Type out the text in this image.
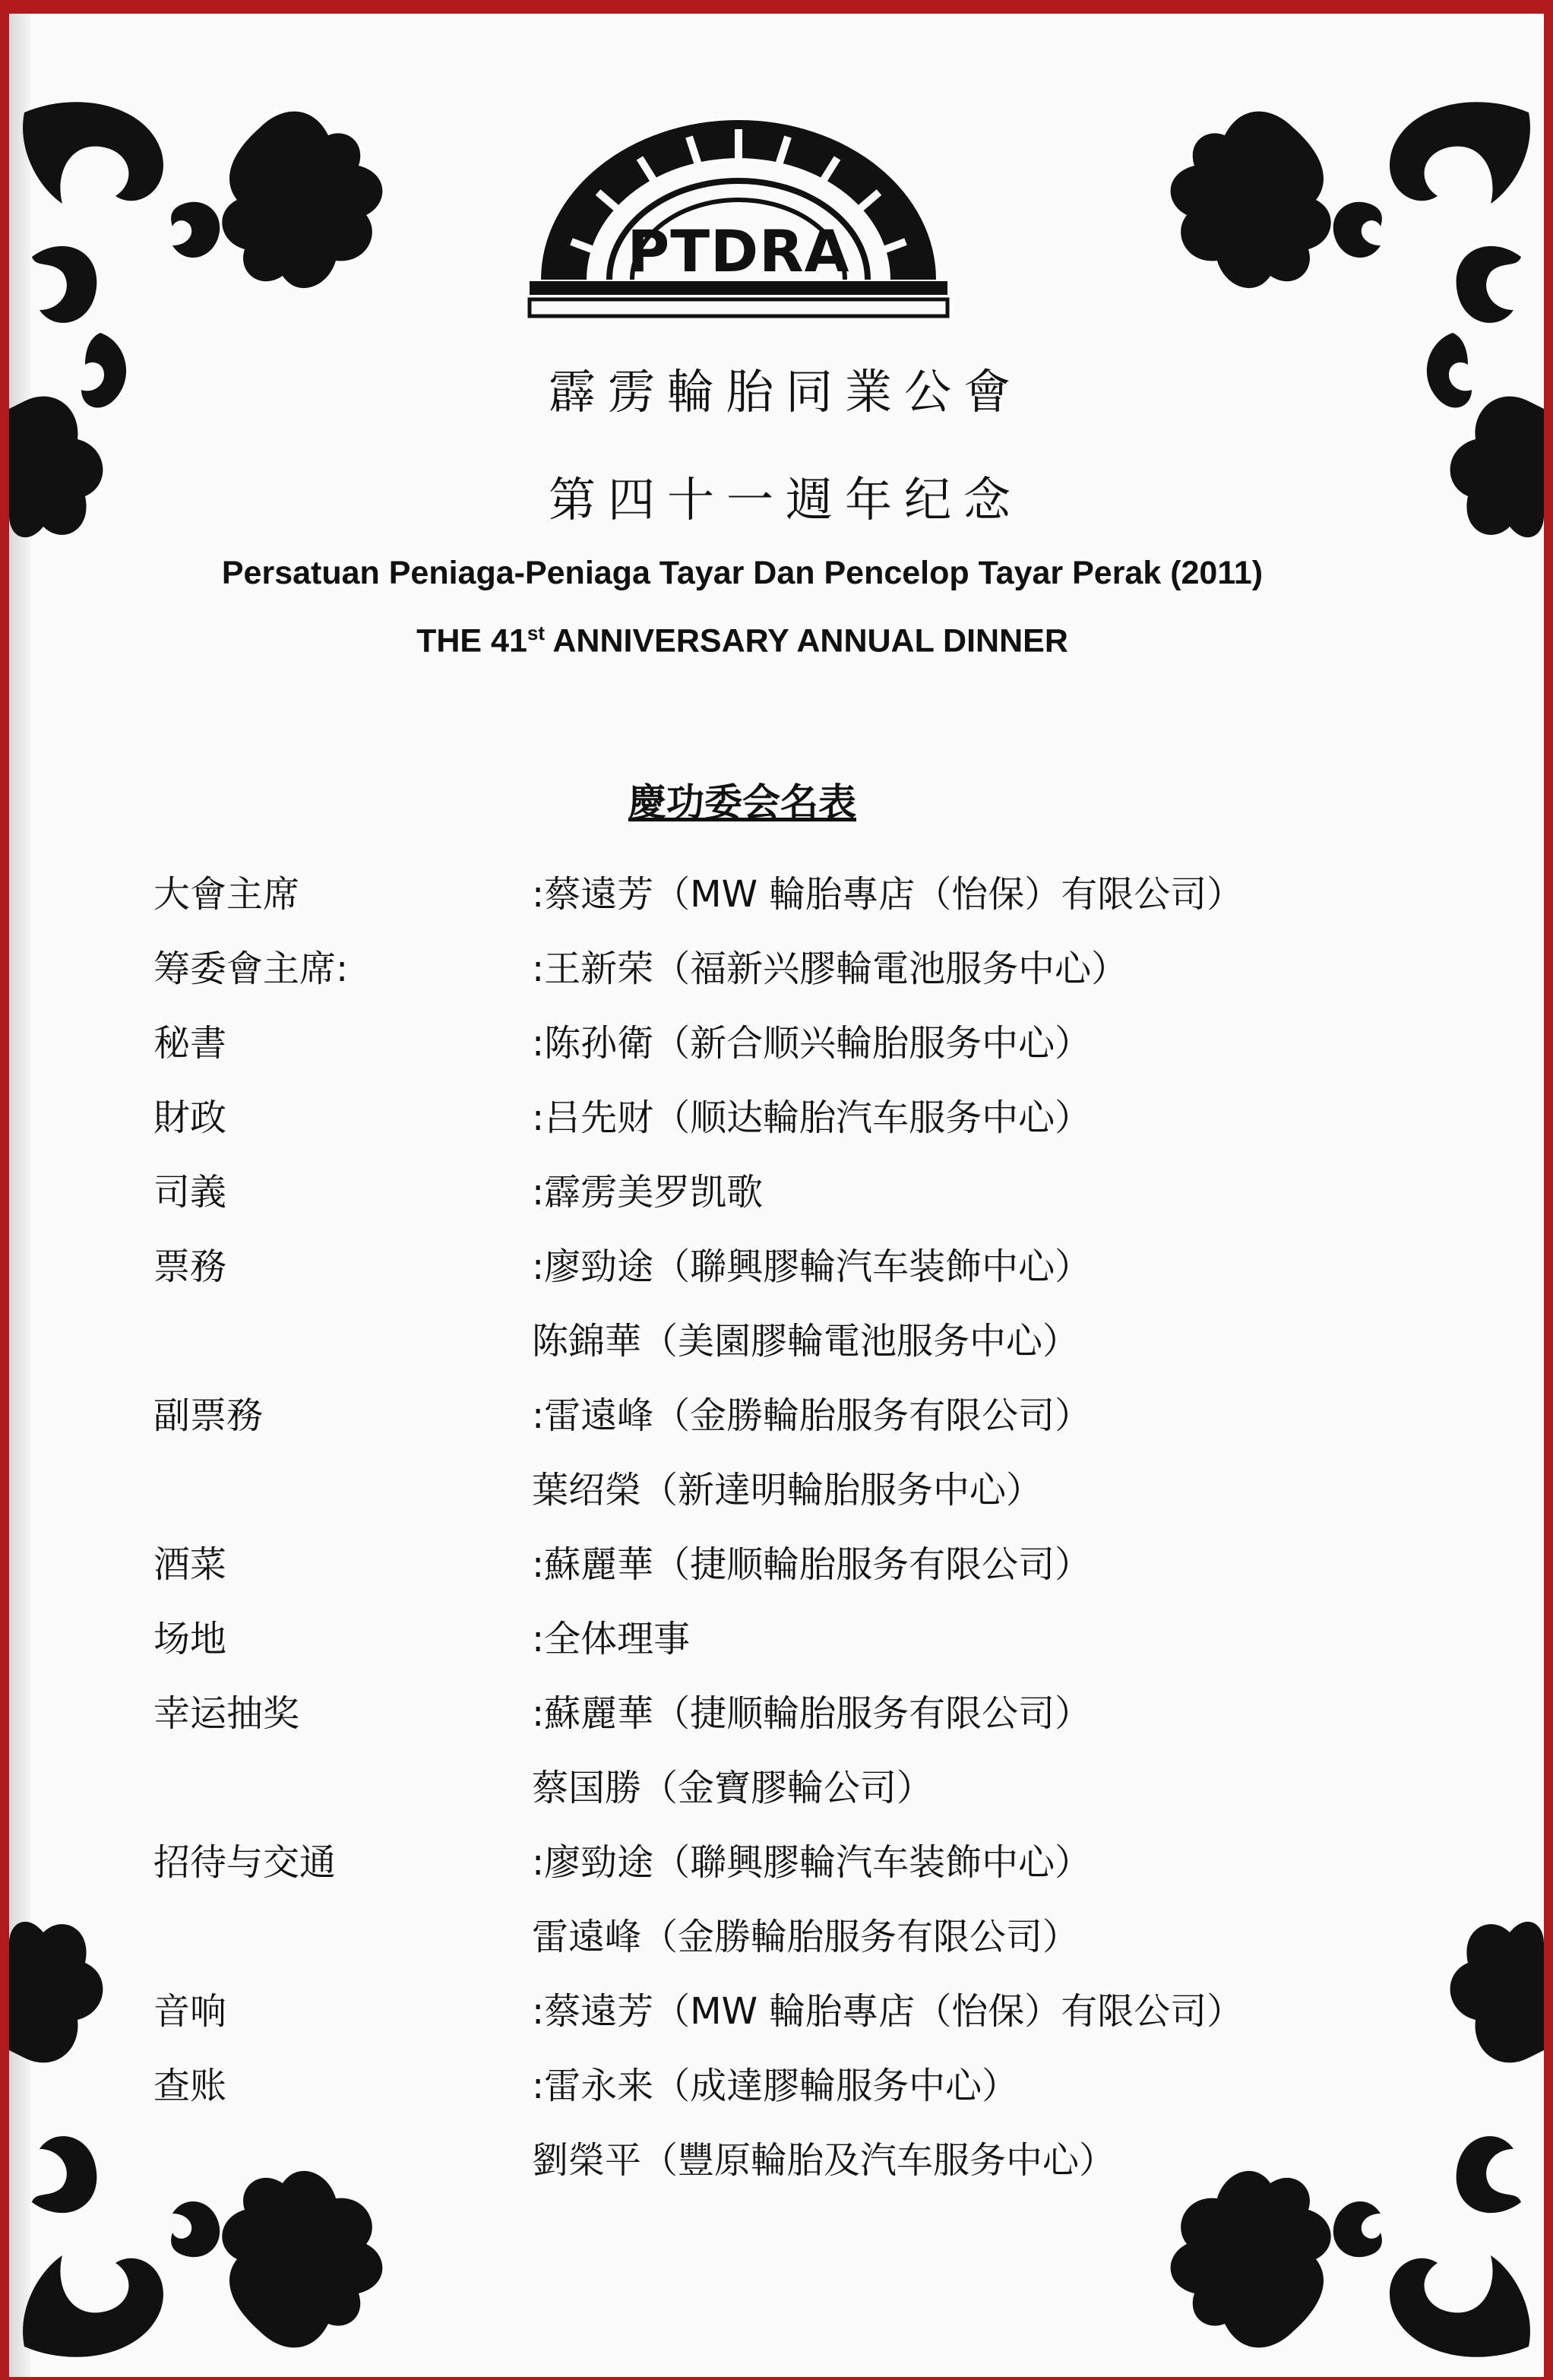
PTDRA
霹雳輪胎同業公會
第四十一週年纪念
Persatuan Peniaga-Peniaga Tayar Dan Pencelop Tayar Perak (2011)
THE 41st ANNIVERSARY ANNUAL DINNER
慶功委会名表
大會主席	:蔡遠芳（MW 輪胎專店（怡保）有限公司）
筹委會主席:	:王新荣（福新兴膠輪電池服务中心）
秘書	:陈孙衛（新合顺兴輪胎服务中心）
財政	:吕先财（顺达輪胎汽车服务中心）
司義	:霹雳美罗凯歌
票務	:廖勁途（聯興膠輪汽车装飾中心）
陈錦華（美園膠輪電池服务中心）
副票務	:雷遠峰（金勝輪胎服务有限公司）
葉绍榮（新達明輪胎服务中心）
酒菜	:蘇麗華（捷顺輪胎服务有限公司）
场地	:全体理事
幸运抽奖	:蘇麗華（捷顺輪胎服务有限公司）
蔡国勝（金寶膠輪公司）
招待与交通	:廖勁途（聯興膠輪汽车装飾中心）
雷遠峰（金勝輪胎服务有限公司）
音响	:蔡遠芳（MW 輪胎專店（怡保）有限公司）
查账	:雷永来（成達膠輪服务中心）
劉榮平（豐原輪胎及汽车服务中心）
